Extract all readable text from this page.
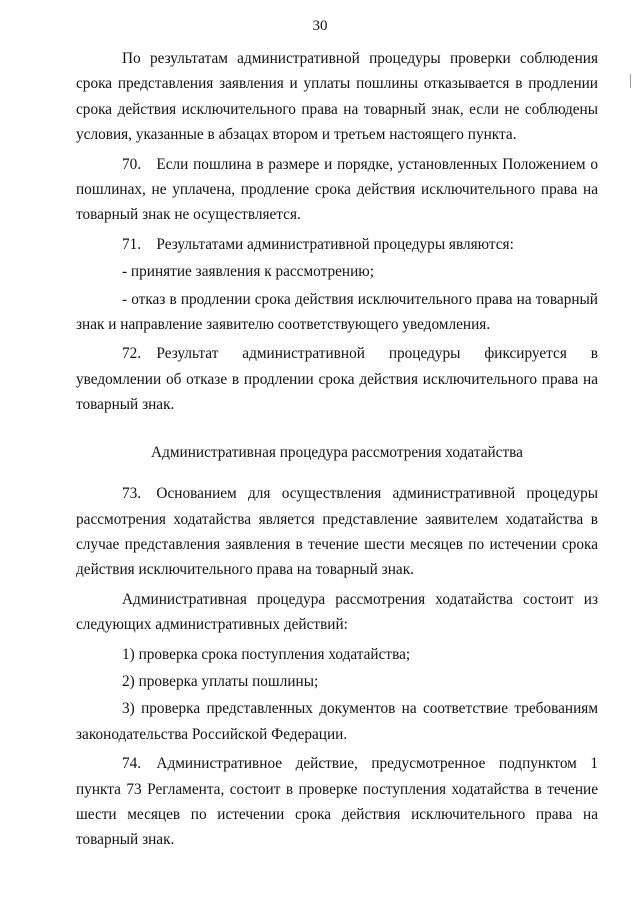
30

По результатам административной процедуры проверки соблюдения срока представления заявления и уплаты пошлины отказывается в продлении срока действия исключительного права на товарный знак, если не соблюдены условия, указанные в абзацах втором и третьем настоящего пункта.

70. Если пошлина в размере и порядке, установленных Положением о пошлинах, не уплачена, продление срока действия исключительного права на товарный знак не осуществляется.

71. Результатами административной процедуры являются:

- принятие заявления к рассмотрению;

- отказ в продлении срока действия исключительного права на товарный знак и направление заявителю соответствующего уведомления.

72. Результат административной процедуры фиксируется в уведомлении об отказе в продлении срока действия исключительного права на товарный знак.

Административная процедура рассмотрения ходатайства

73. Основанием для осуществления административной процедуры рассмотрения ходатайства является представление заявителем ходатайства в случае представления заявления в течение шести месяцев по истечении срока действия исключительного права на товарный знак.

Административная процедура рассмотрения ходатайства состоит из следующих административных действий:

1) проверка срока поступления ходатайства;

2) проверка уплаты пошлины;

3) проверка представленных документов на соответствие требованиям законодательства Российской Федерации.

74. Административное действие, предусмотренное подпунктом 1 пункта 73 Регламента, состоит в проверке поступления ходатайства в течение шести месяцев по истечении срока действия исключительного права на товарный знак.
